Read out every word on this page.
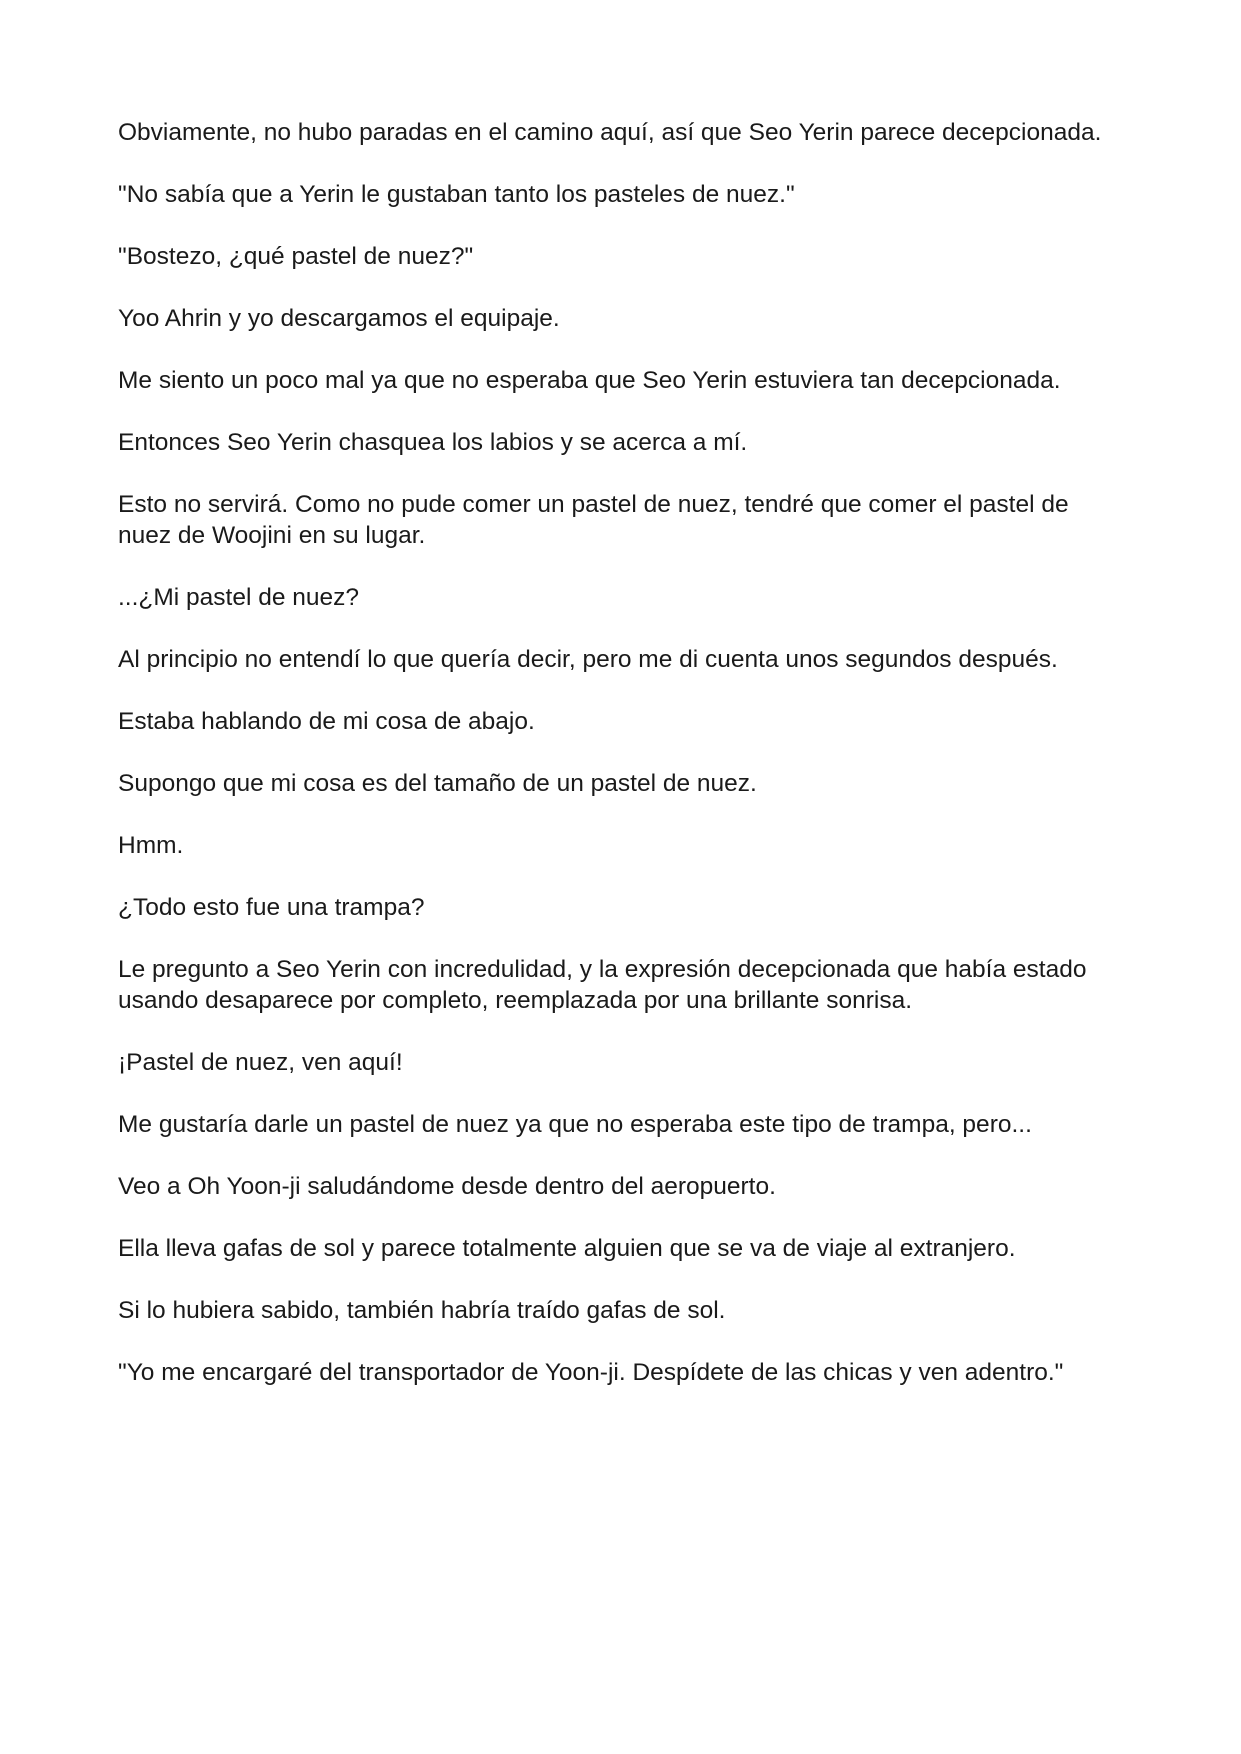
Obviamente, no hubo paradas en el camino aquí, así que Seo Yerin parece decepcionada.

"No sabía que a Yerin le gustaban tanto los pasteles de nuez."

"Bostezo, ¿qué pastel de nuez?"

Yoo Ahrin y yo descargamos el equipaje.

Me siento un poco mal ya que no esperaba que Seo Yerin estuviera tan decepcionada.

Entonces Seo Yerin chasquea los labios y se acerca a mí.

Esto no servirá. Como no pude comer un pastel de nuez, tendré que comer el pastel de nuez de Woojini en su lugar.

...¿Mi pastel de nuez?

Al principio no entendí lo que quería decir, pero me di cuenta unos segundos después.

Estaba hablando de mi cosa de abajo.

Supongo que mi cosa es del tamaño de un pastel de nuez.

Hmm.

¿Todo esto fue una trampa?

Le pregunto a Seo Yerin con incredulidad, y la expresión decepcionada que había estado usando desaparece por completo, reemplazada por una brillante sonrisa.

¡Pastel de nuez, ven aquí!

Me gustaría darle un pastel de nuez ya que no esperaba este tipo de trampa, pero...

Veo a Oh Yoon-ji saludándome desde dentro del aeropuerto.

Ella lleva gafas de sol y parece totalmente alguien que se va de viaje al extranjero.

Si lo hubiera sabido, también habría traído gafas de sol.

"Yo me encargaré del transportador de Yoon-ji. Despídete de las chicas y ven adentro."
